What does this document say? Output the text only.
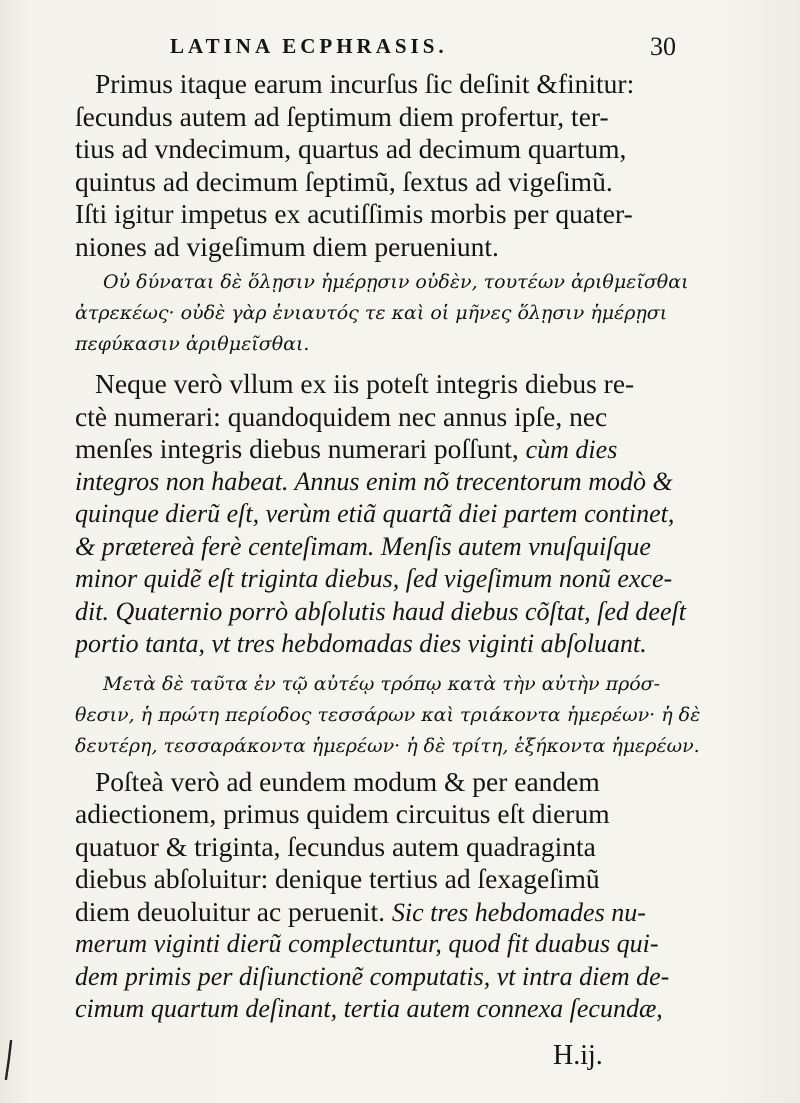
LATINA ECPHRASIS.	30
Primus itaque earum incurſus ſic deſinit &finitur:
ſecundus autem ad ſeptimum diem profertur, ter-
tius ad vndecimum, quartus ad decimum quartum,
quintus ad decimum ſeptimũ, ſextus ad vigeſimũ.
Iſti igitur impetus ex acutiſſimis morbis per quater-
niones ad vigeſimum diem perueniunt.
Οὐ δύναται δὲ ὅλῃσιν ἡμέρῃσιν οὐδὲν, τουτέων ἀριθμεῖσθαι
ἀτρεκέως· οὐδὲ γὰρ ἐνιαυτός τε καὶ οἱ μῆνες ὅλῃσιν ἡμέρῃσι
πεφύκασιν ἀριθμεῖσθαι.
Neque verò vllum ex iis poteſt integris diebus re-
ctè numerari: quandoquidem nec annus ipſe, nec
menſes integris diebus numerari poſſunt, cùm dies
integros non habeat. Annus enim nõ trecentorum modò &
quinque dierũ eſt, verùm etiã quartã diei partem continet,
& prætereà ferè centeſimam. Menſis autem vnuſquiſque
minor quidẽ eſt triginta diebus, ſed vigeſimum nonũ exce-
dit. Quaternio porrò abſolutis haud diebus cõſtat, ſed deeſt
portio tanta, vt tres hebdomadas dies viginti abſoluant.
Μετὰ δὲ ταῦτα ἐν τῷ αὐτέῳ τρόπῳ κατὰ τὴν αὐτὴν πρόσ-
θεσιν, ἡ πρώτη περίοδος τεσσάρων καὶ τριάκοντα ἡμερέων· ἡ δὲ
δευτέρη, τεσσαράκοντα ἡμερέων· ἡ δὲ τρίτη, ἑξήκοντα ἡμερέων.
Poſteà verò ad eundem modum & per eandem
adiectionem, primus quidem circuitus eſt dierum
quatuor & triginta, ſecundus autem quadraginta
diebus abſoluitur: denique tertius ad ſexageſimũ
diem deuoluitur ac peruenit. Sic tres hebdomades nu-
merum viginti dierũ complectuntur, quod fit duabus qui-
dem primis per diſiunctionẽ computatis, vt intra diem de-
cimum quartum deſinant, tertia autem connexa ſecundæ,
H.ij.
